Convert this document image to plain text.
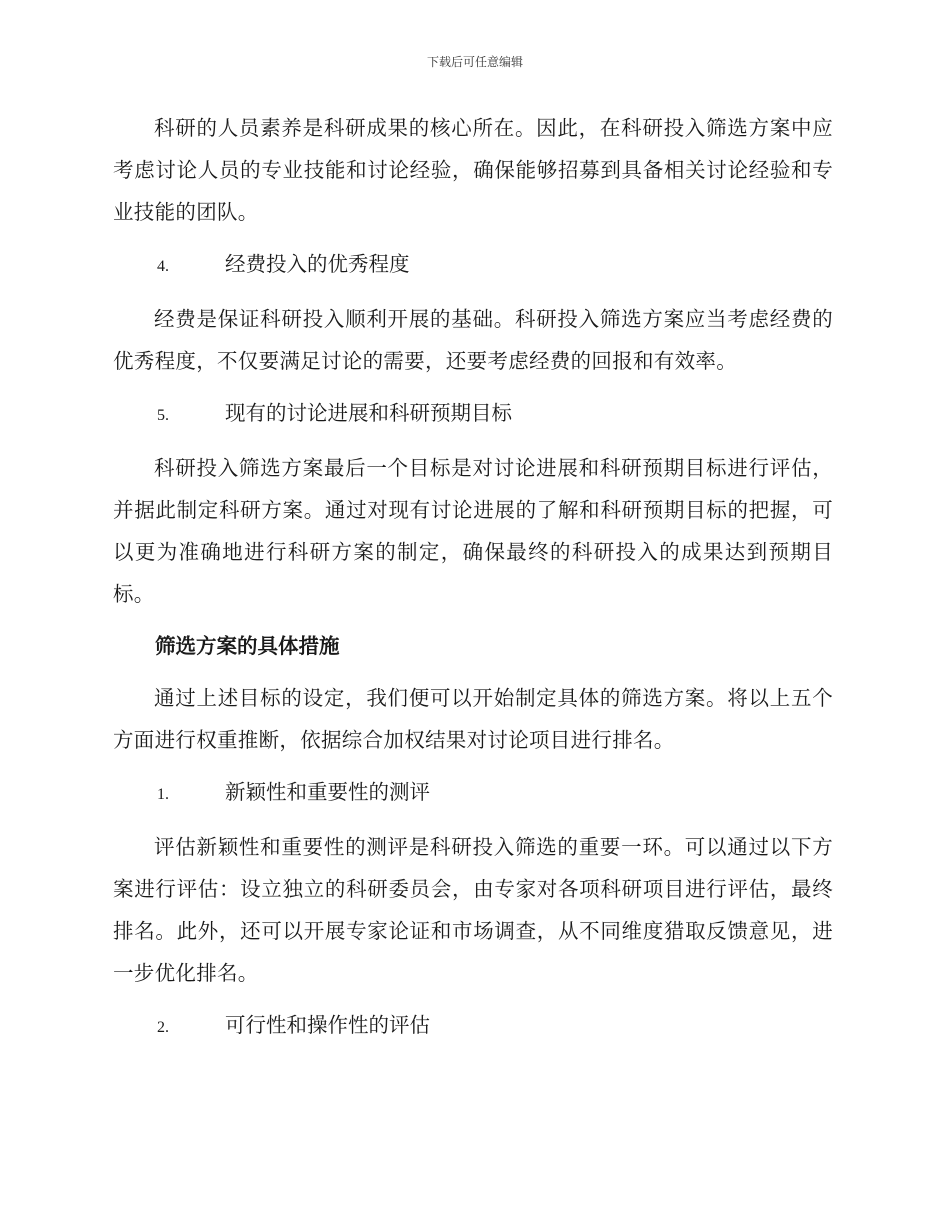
下载后可任意编辑

科研的人员素养是科研成果的核心所在。因此，在科研投入筛选方案中应考虑讨论人员的专业技能和讨论经验，确保能够招募到具备相关讨论经验和专业技能的团队。

4.	经费投入的优秀程度

经费是保证科研投入顺利开展的基础。科研投入筛选方案应当考虑经费的优秀程度，不仅要满足讨论的需要，还要考虑经费的回报和有效率。

5.	现有的讨论进展和科研预期目标

科研投入筛选方案最后一个目标是对讨论进展和科研预期目标进行评估，并据此制定科研方案。通过对现有讨论进展的了解和科研预期目标的把握，可以更为准确地进行科研方案的制定，确保最终的科研投入的成果达到预期目标。

筛选方案的具体措施

通过上述目标的设定，我们便可以开始制定具体的筛选方案。将以上五个方面进行权重推断，依据综合加权结果对讨论项目进行排名。

1.	新颖性和重要性的测评

评估新颖性和重要性的测评是科研投入筛选的重要一环。可以通过以下方案进行评估：设立独立的科研委员会，由专家对各项科研项目进行评估，最终排名。此外，还可以开展专家论证和市场调查，从不同维度猎取反馈意见，进一步优化排名。

2.	可行性和操作性的评估
